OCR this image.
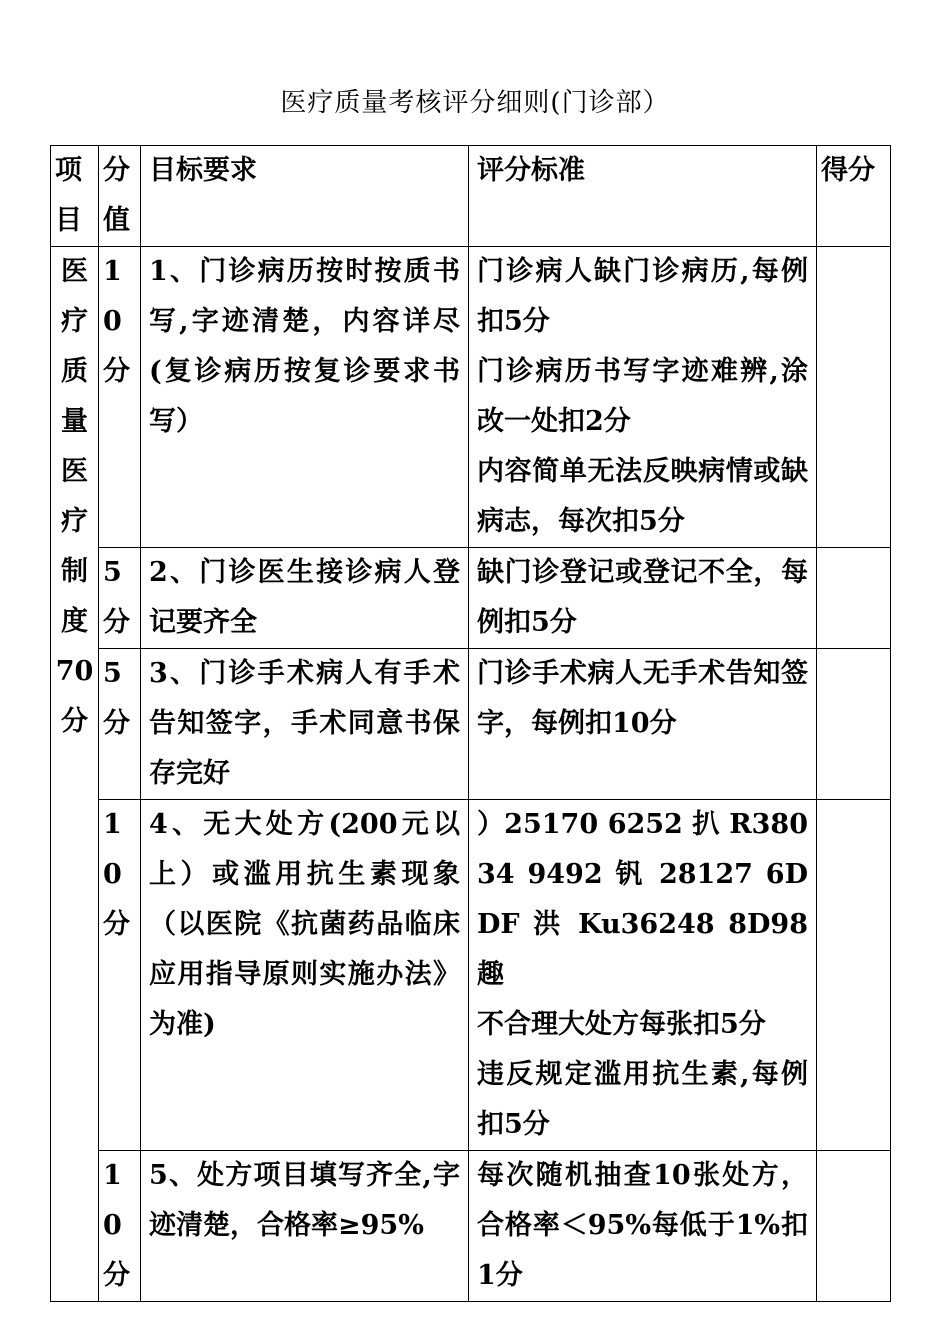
医疗质量考核评分细则(门诊部）
项目	分值	目标要求	评分标准	得分
医疗质量医疗制度70分	10分	1、门诊病历按时按质书写,字迹清楚，内容详尽(复诊病历按复诊要求书写）	门诊病人缺门诊病历,每例扣5分
门诊病历书写字迹难辨,涂改一处扣2分
内容简单无法反映病情或缺病志，每次扣5分	

	5分	2、门诊医生接诊病人登记要齐全	缺门诊登记或登记不全，每例扣5分	

	5分	3、门诊手术病人有手术告知签字，手术同意书保存完好	门诊手术病人无手术告知签字，每例扣10分	

	10分	4、无大处方(200元以上）或滥用抗生素现象（以医院《抗菌药品临床应用指导原则实施办法》为准)	）25170 6252 扒 R38034 9492 钒 28127 6DDF 洪 Ku36248 8D98 趣
不合理大处方每张扣5分
违反规定滥用抗生素,每例扣5分	

	10分	5、处方项目填写齐全,字迹清楚，合格率≥95%	每次随机抽查10张处方，合格率＜95%每低于1%扣1分	
